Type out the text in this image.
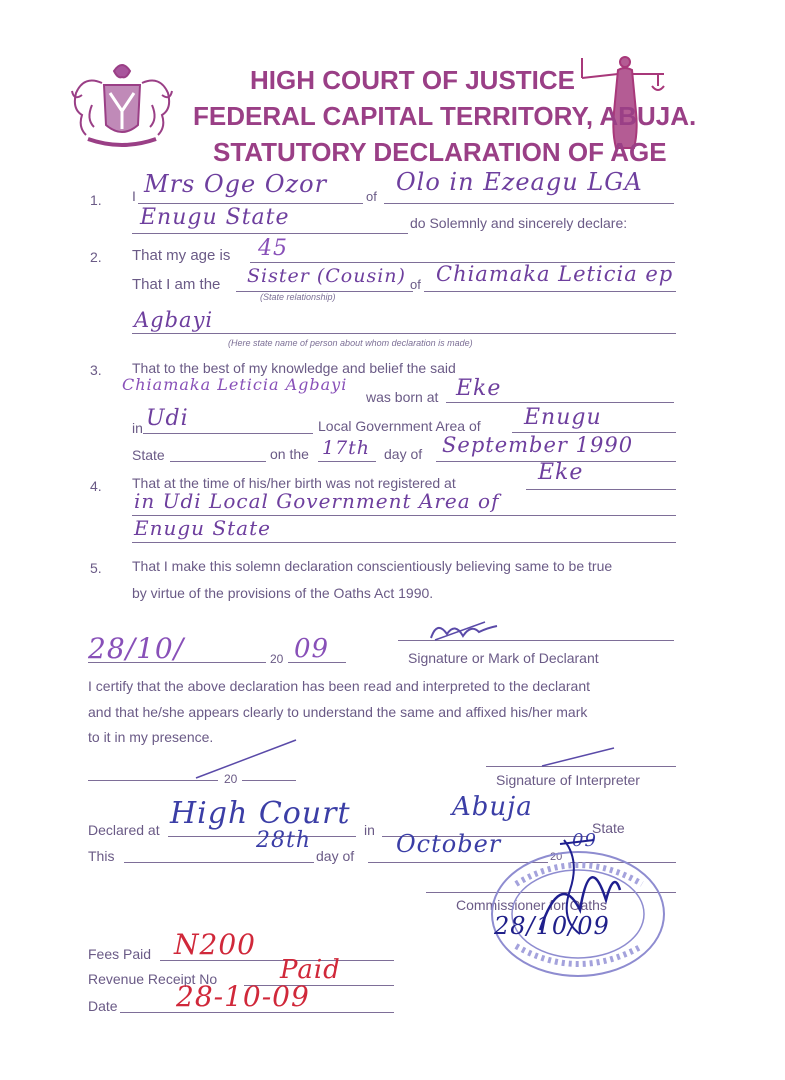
HIGH COURT OF JUSTICE
FEDERAL CAPITAL TERRITORY, ABUJA.
STATUTORY DECLARATION OF AGE
1. I Mrs Oge Ozor	of
Olo in Ezeagu LGA
Enugu State	do Solemnly and sincerely declare:
2. That my age is 45
That I am the Sister (Cousin) of Chiamaka Leticia ep
(State relationship)
Agbayi
(Here state name of person about whom declaration is made)
3. That to the best of my knowledge and belief the said
Chiamaka Leticia Agbayi
was born at Eke
in Udi	Local Government Area of Enugu
State	on the 17th day of September 1990
4. That at the time of his/her birth was not registered at	Eke
in Udi Local Government Area of
Enugu State
5. That I make this solemn declaration conscientiously believing same to be true
by virtue of the provisions of the Oaths Act 1990.
28/10/	20 09	Signature or Mark of Declarant
I certify that the above declaration has been read and interpreted to the declarant
and that he/she appears clearly to understand the same and affixed his/her mark
to it in my presence.
20	Signature of Interpreter
Declared at High Court in
Abuja
State
This
28th
day of October	20
09
Commissioner for Oaths
28/10/09
Fees Paid N200
Revenue Receipt No Paid
Date 28-10-09
